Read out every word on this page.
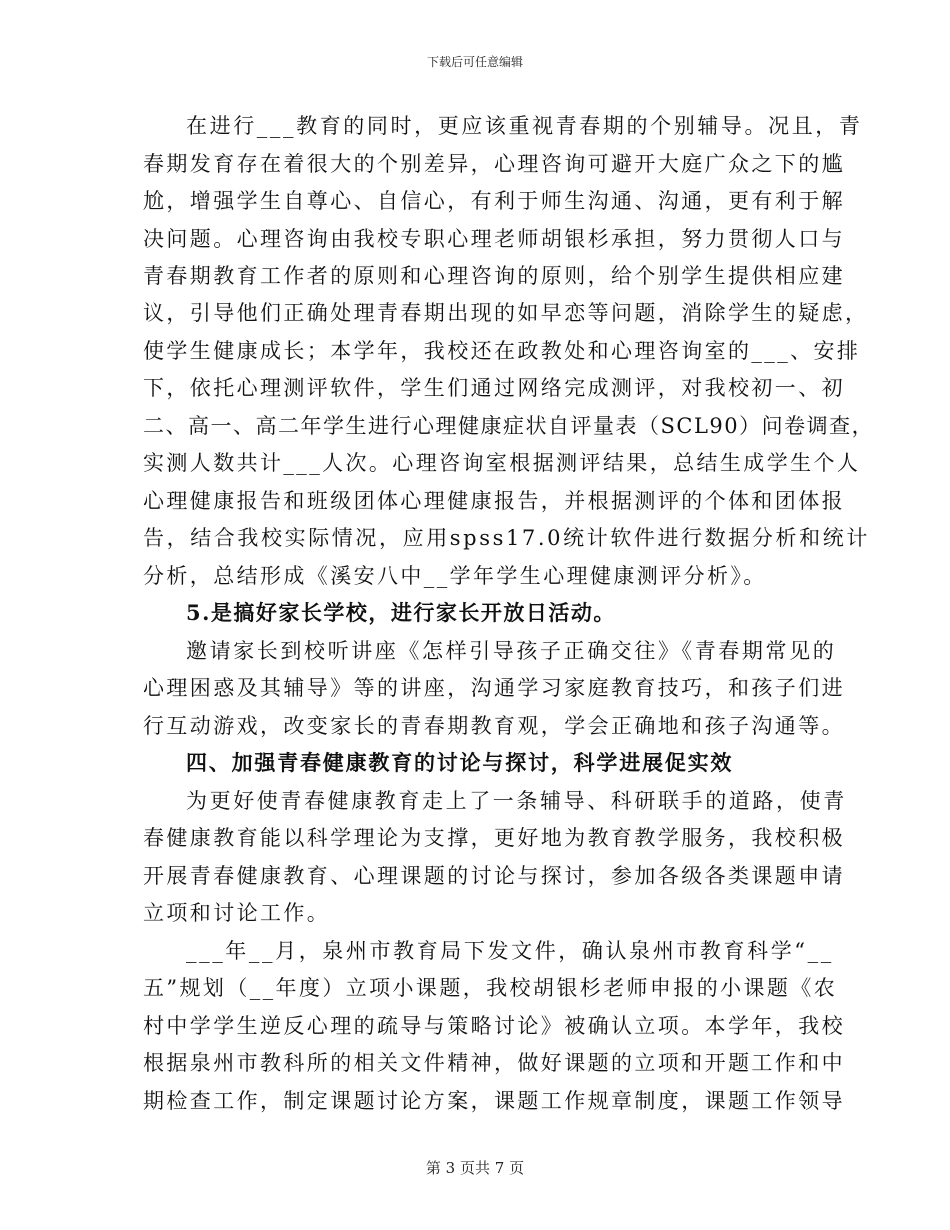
下载后可任意编辑
在进行___教育的同时，更应该重视青春期的个别辅导。况且，青
春期发育存在着很大的个别差异，心理咨询可避开大庭广众之下的尴
尬，增强学生自尊心、自信心，有利于师生沟通、沟通，更有利于解
决问题。心理咨询由我校专职心理老师胡银杉承担，努力贯彻人口与
青春期教育工作者的原则和心理咨询的原则，给个别学生提供相应建
议，引导他们正确处理青春期出现的如早恋等问题，消除学生的疑虑，
使学生健康成长；本学年，我校还在政教处和心理咨询室的___、安排
下，依托心理测评软件，学生们通过网络完成测评，对我校初一、初
二、高一、高二年学生进行心理健康症状自评量表（SCL90）问卷调查，
实测人数共计___人次。心理咨询室根据测评结果，总结生成学生个人
心理健康报告和班级团体心理健康报告，并根据测评的个体和团体报
告，结合我校实际情况，应用spss17.0统计软件进行数据分析和统计
分析，总结形成《溪安八中__学年学生心理健康测评分析》。
5.是搞好家长学校，进行家长开放日活动。
邀请家长到校听讲座《怎样引导孩子正确交往》《青春期常见的
心理困惑及其辅导》等的讲座，沟通学习家庭教育技巧，和孩子们进
行互动游戏，改变家长的青春期教育观，学会正确地和孩子沟通等。
四、加强青春健康教育的讨论与探讨，科学进展促实效
为更好使青春健康教育走上了一条辅导、科研联手的道路，使青
春健康教育能以科学理论为支撑，更好地为教育教学服务，我校积极
开展青春健康教育、心理课题的讨论与探讨，参加各级各类课题申请
立项和讨论工作。
___年__月，泉州市教育局下发文件，确认泉州市教育科学“__
五”规划（__年度）立项小课题，我校胡银杉老师申报的小课题《农
村中学学生逆反心理的疏导与策略讨论》被确认立项。本学年，我校
根据泉州市教科所的相关文件精神，做好课题的立项和开题工作和中
期检查工作，制定课题讨论方案，课题工作规章制度，课题工作领导
第 3 页共 7 页
